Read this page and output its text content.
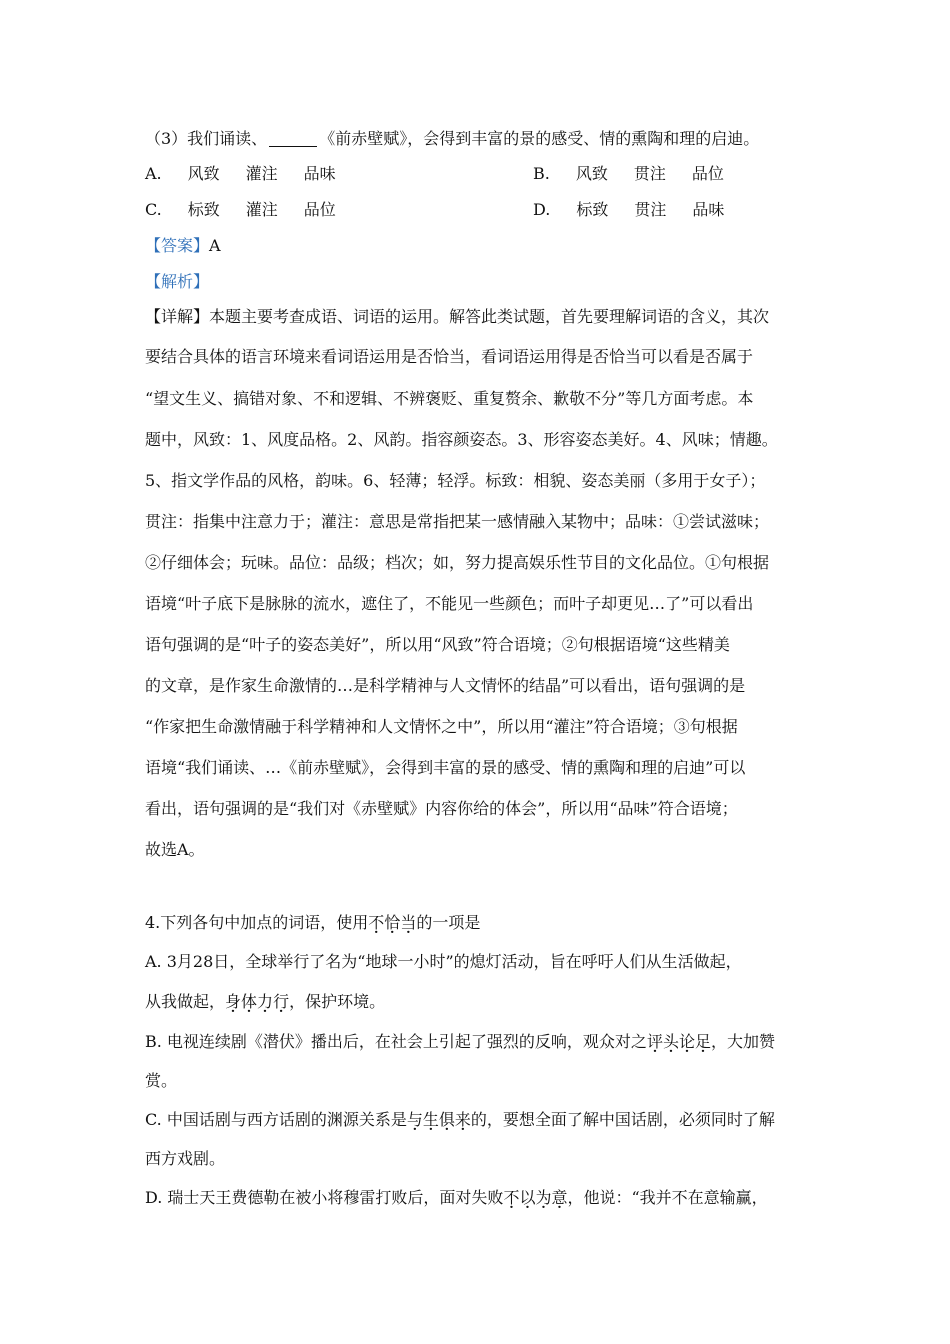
（3）我们诵读、	《前赤壁赋》，会得到丰富的景的感受、情的熏陶和理的启迪。
A. 风致 灌注 品味	B. 风致 贯注 品位
C. 标致 灌注 品位	D. 标致 贯注 品味
【答案】A
【解析】
【详解】本题主要考查成语、词语的运用。解答此类试题，首先要理解词语的含义，其次
要结合具体的语言环境来看词语运用是否恰当，看词语运用得是否恰当可以看是否属于
“望文生义、搞错对象、不和逻辑、不辨褒贬、重复赘余、歉敬不分”等几方面考虑。本
题中，风致：1、风度品格。2、风韵。指容颜姿态。3、形容姿态美好。4、风味；情趣。
5、指文学作品的风格，韵味。6、轻薄；轻浮。标致：相貌、姿态美丽（多用于女子）；
贯注：指集中注意力于；灌注：意思是常指把某一感情融入某物中；品味：①尝试滋味；
②仔细体会；玩味。品位：品级；档次；如，努力提高娱乐性节目的文化品位。①句根据
语境“叶子底下是脉脉的流水，遮住了，不能见一些颜色；而叶子却更见…了”可以看出
语句强调的是“叶子的姿态美好”，所以用“风致”符合语境；②句根据语境“这些精美
的文章，是作家生命激情的…是科学精神与人文情怀的结晶”可以看出，语句强调的是
“作家把生命激情融于科学精神和人文情怀之中”，所以用“灌注”符合语境；③句根据
语境“我们诵读、…《前赤壁赋》，会得到丰富的景的感受、情的熏陶和理的启迪”可以
看出，语句强调的是“我们对《赤壁赋》内容你给的体会”，所以用“品味”符合语境；
故选A。
4.下列各句中加点的词语，使用不恰当的一项是
A. 3月28日，全球举行了名为“地球一小时”的熄灯活动，旨在呼吁人们从生活做起，
从我做起，身体力行，保护环境。
B. 电视连续剧《潜伏》播出后，在社会上引起了强烈的反响，观众对之评头论足，大加赞
赏。
C. 中国话剧与西方话剧的渊源关系是与生俱来的，要想全面了解中国话剧，必须同时了解
西方戏剧。
D. 瑞士天王费德勒在被小将穆雷打败后，面对失败不以为意，他说：“我并不在意输赢，
